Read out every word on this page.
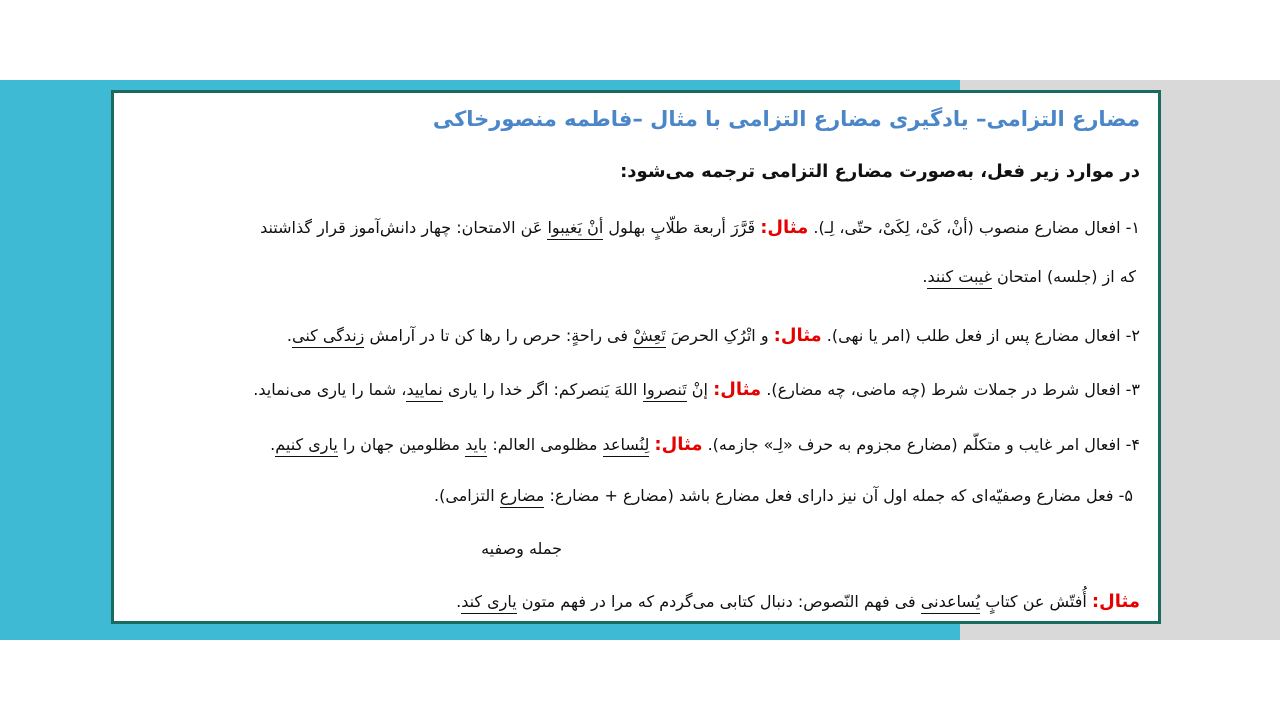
مضارع التزامی– یادگیری مضارع التزامی با مثال –فاطمه منصورخاکی
در موارد زیر فعل، به‌صورت مضارع التزامی ترجمه می‌شود:
۱- افعال مضارع منصوب (أنْ، کَیْ، لِکَیْ، حتّی، لِـ). مثال: قَرَّرَ أربعة طلّابٍ بهلول أنْ یَغیبوا عَن الامتحان: چهار دانش‌آموز قرار گذاشتند
که از (جلسه) امتحان غیبت کنند.
۲- افعال مضارع پس از فعل طلب (امر یا نهی). مثال: و اتْرُکِ الحرصَ تَعِشْ فی راحةٍ: حرص را رها کن تا در آرامش زندگی کنی.
۳- افعال شرط در جملات شرط (چه ماضی، چه مضارع). مثال: إنْ تَنصروا اللهَ یَنصرکم: اگر خدا را یاری نمایید، شما را یاری می‌نماید.
۴- افعال امر غایب و متکلّم (مضارع مجزوم به حرف «لِـ» جازمه). مثال: لِنُساعد مظلومی العالم: باید مظلومین جهان را یاری کنیم.
۵- فعل مضارع وصفیّه‌ای که جمله اول آن نیز دارای فعل مضارع باشد (مضارع + مضارع: مضارع التزامی).
جمله وصفیه
مثال: أُفتّش عن کتابٍ یُساعدنی فی فهم النّصوص: دنبال کتابی می‌گردم که مرا در فهم متون یاری کند.
